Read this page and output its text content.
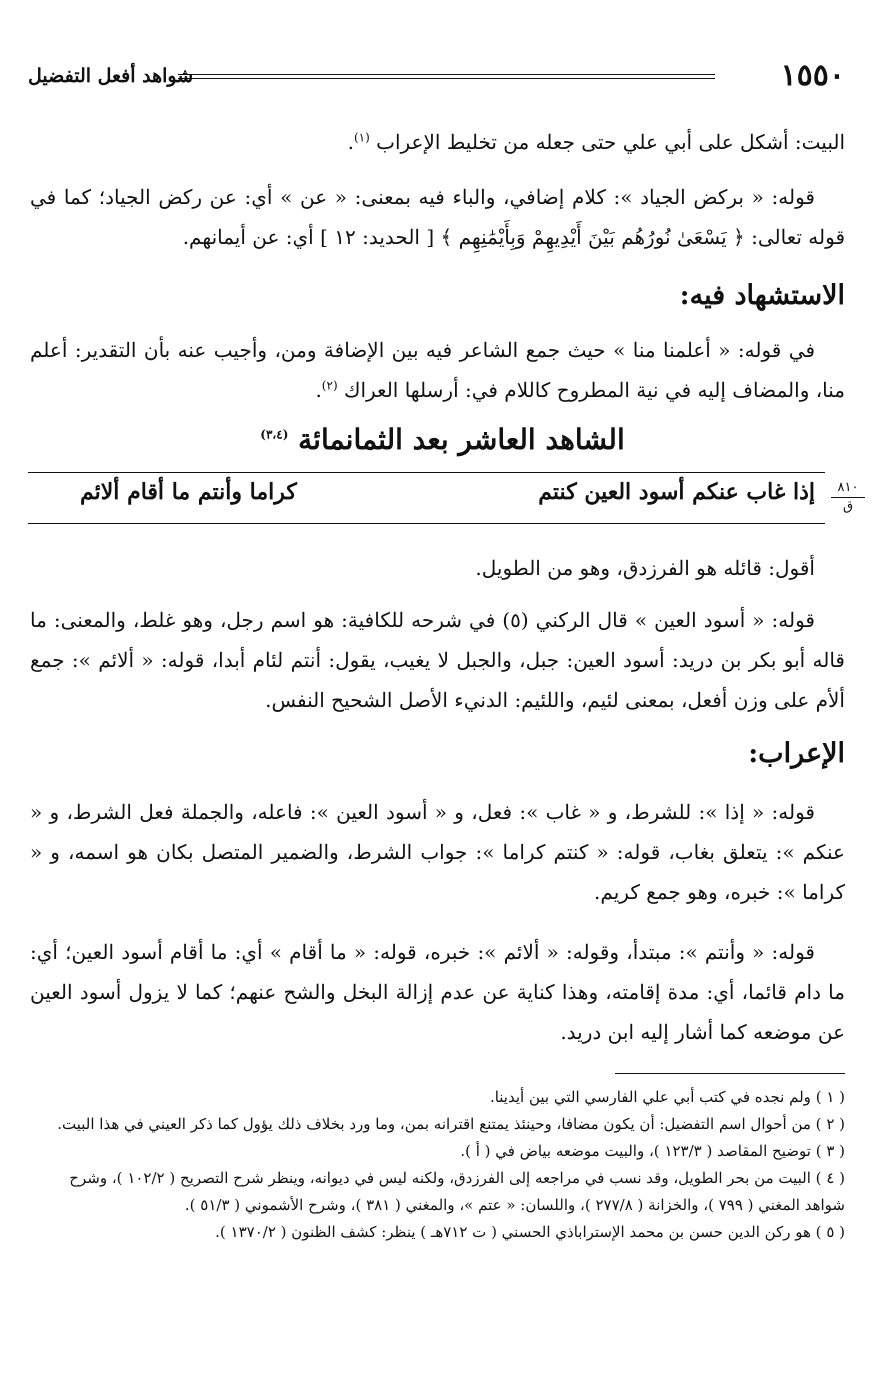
١٥٥٠
شواهد أفعل التفضيل
البيت: أشكل على أبي علي حتى جعله من تخليط الإعراب $^{(١)}$.
قوله: « برکض الجیاد »: کلام إضافي، والباء فيه بمعنى: « عن » أي: عن ركض الجياد؛ كما في قوله تعالى: ﴿ يَسْعَىٰ نُورُهُم بَيْنَ أَيْدِيهِمْ وَبِأَيْمَٰنِهِم ﴾ [ الحديد: ١٢ ] أي: عن أيمانهم.
الاستشهاد فيه:
في قوله: « أعلمنا منا » حيث جمع الشاعر فيه بين الإضافة ومن، وأجيب عنه بأن التقدير: أعلم منا، والمضاف إليه في نية المطروح كاللام في: أرسلها العراك $^{(٢)}$.
الشاهد العاشر بعد الثمانمائة $^{(٣،٤)}$
٨١٠
ق
إذا غاب عنكم أسود العين كنتم
كراما وأنتم ما أقام ألائم
أقول: قائله هو الفرزدق، وهو من الطويل.
قوله: « أسود العين » قال الركني (٥) في شرحه للكافية: هو اسم رجل، وهو غلط، والمعنى: ما قاله أبو بكر بن دريد: أسود العين: جبل، والجبل لا يغيب، يقول: أنتم لئام أبدا، قوله: « ألائم »: جمع ألأم على وزن أفعل، بمعنى لئيم، واللئيم: الدنيء الأصل الشحيح النفس.
الإعراب:
قوله: « إذا »: للشرط، و « غاب »: فعل، و « أسود العين »: فاعله، والجملة فعل الشرط، و « عنكم »: يتعلق بغاب، قوله: « كنتم كراما »: جواب الشرط، والضمير المتصل بكان هو اسمه، و « كراما »: خبره، وهو جمع كريم.
قوله: « وأنتم »: مبتدأ، وقوله: « ألائم »: خبره، قوله: « ما أقام » أي: ما أقام أسود العين؛ أي: ما دام قائما، أي: مدة إقامته، وهذا كناية عن عدم إزالة البخل والشح عنهم؛ كما لا يزول أسود العين عن موضعه كما أشار إليه ابن دريد.

( ١ ) ولم نجده في كتب أبي علي الفارسي التي بين أيدينا.

( ٢ ) من أحوال اسم التفضيل: أن يكون مضافا، وحينئذ يمتنع اقترانه بمن، وما ورد بخلاف ذلك يؤول كما ذكر العيني في هذا البيت.

( ٣ ) توضيح المقاصد ( ١٢٣/٣ )، والبيت موضعه بياض في ( أ ).

( ٤ ) البيت من بحر الطويل، وقد نسب في مراجعه إلى الفرزدق، ولكنه ليس في ديوانه، وينظر شرح التصريح ( ١٠٢/٢ )، وشرح شواهد المغني ( ٧٩٩ )، والخزانة ( ٢٧٧/٨ )، واللسان: « عتم »، والمغني ( ٣٨١ )، وشرح الأشموني ( ٥١/٣ ).

( ٥ ) هو ركن الدين حسن بن محمد الإستراباذي الحسني ( ت ٧١٢هـ ) ينظر: كشف الظنون ( ١٣٧٠/٢ ).
